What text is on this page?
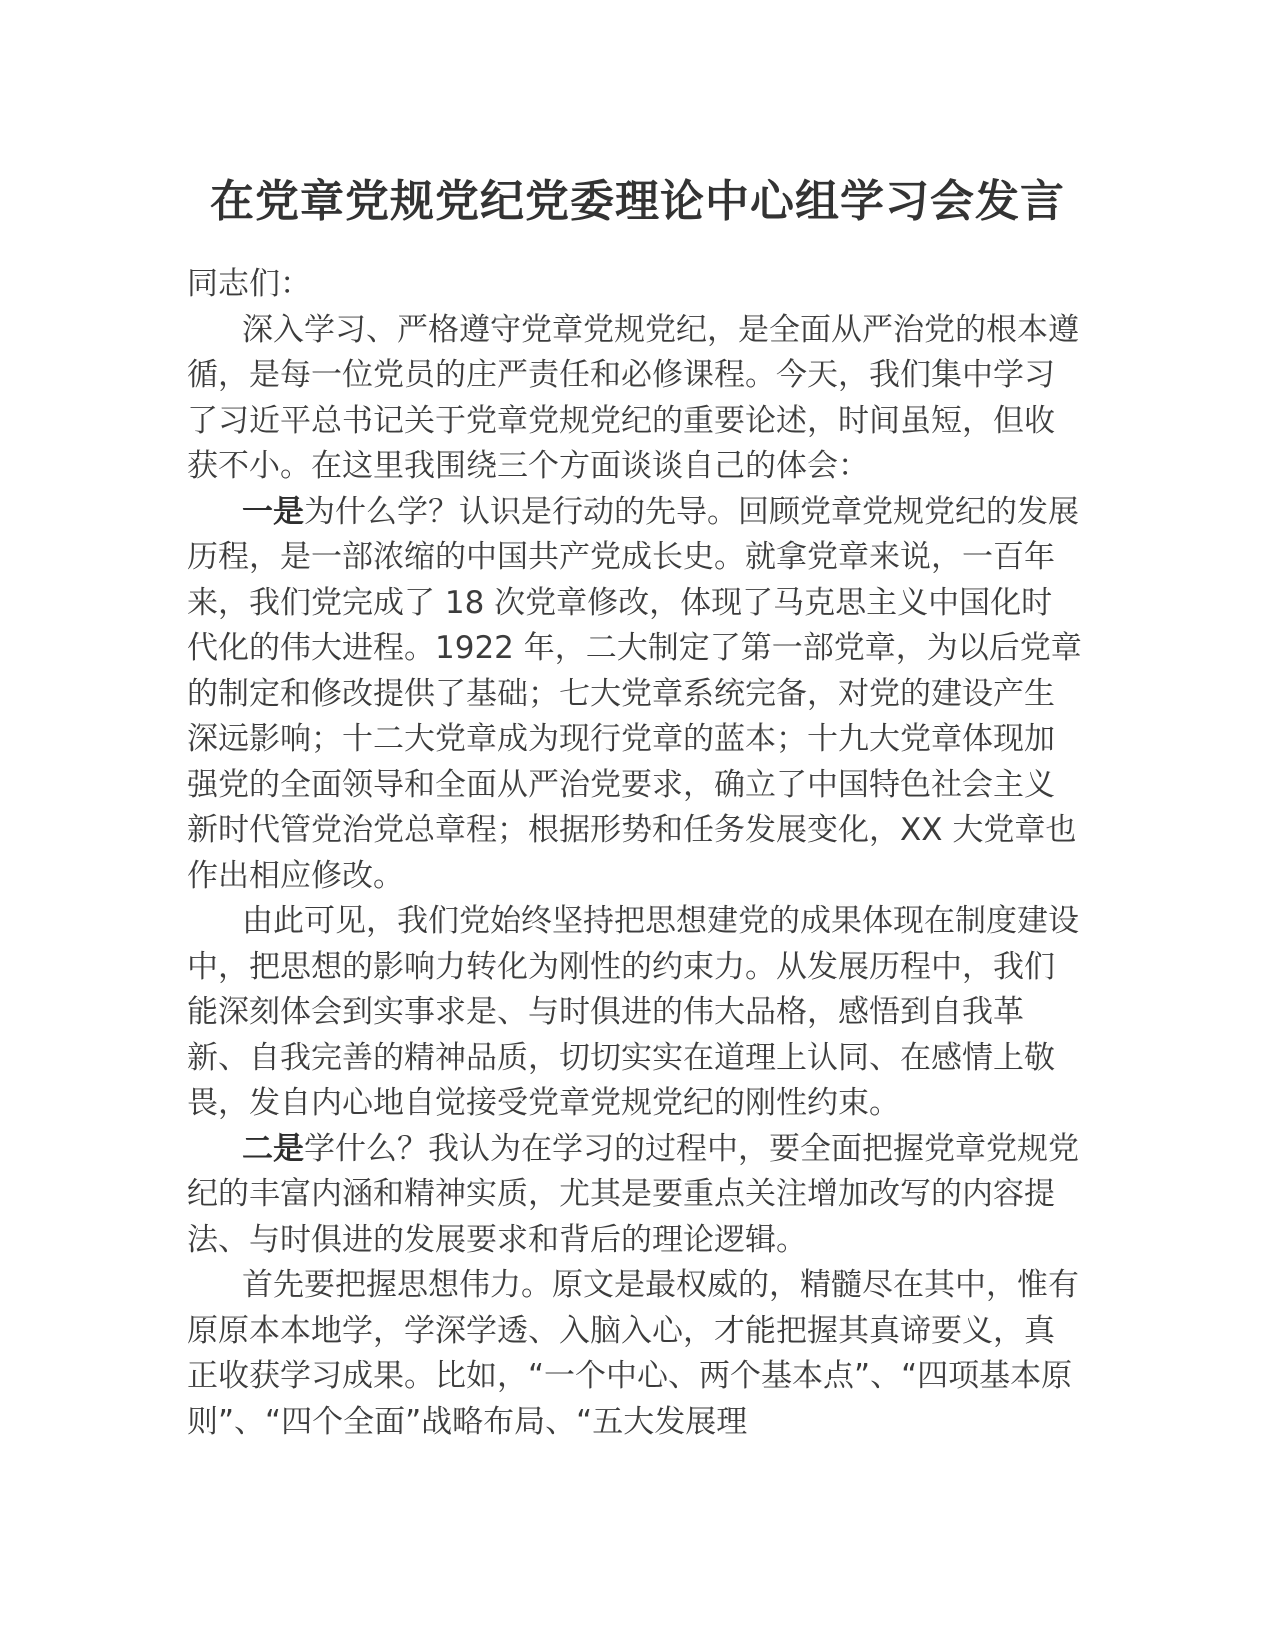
在党章党规党纪党委理论中心组学习会发言

同志们：

深入学习、严格遵守党章党规党纪，是全面从严治党的根本遵循，是每一位党员的庄严责任和必修课程。今天，我们集中学习了习近平总书记关于党章党规党纪的重要论述，时间虽短，但收获不小。在这里我围绕三个方面谈谈自己的体会：

一是为什么学？认识是行动的先导。回顾党章党规党纪的发展历程，是一部浓缩的中国共产党成长史。就拿党章来说，一百年来，我们党完成了 18 次党章修改，体现了马克思主义中国化时代化的伟大进程。1922 年，二大制定了第一部党章，为以后党章的制定和修改提供了基础；七大党章系统完备，对党的建设产生深远影响；十二大党章成为现行党章的蓝本；十九大党章体现加强党的全面领导和全面从严治党要求，确立了中国特色社会主义新时代管党治党总章程；根据形势和任务发展变化，XX 大党章也作出相应修改。

由此可见，我们党始终坚持把思想建党的成果体现在制度建设中，把思想的影响力转化为刚性的约束力。从发展历程中，我们能深刻体会到实事求是、与时俱进的伟大品格，感悟到自我革新、自我完善的精神品质，切切实实在道理上认同、在感情上敬畏，发自内心地自觉接受党章党规党纪的刚性约束。

二是学什么？我认为在学习的过程中，要全面把握党章党规党纪的丰富内涵和精神实质，尤其是要重点关注增加改写的内容提法、与时俱进的发展要求和背后的理论逻辑。

首先要把握思想伟力。原文是最权威的，精髓尽在其中，惟有原原本本地学，学深学透、入脑入心，才能把握其真谛要义，真正收获学习成果。比如，“一个中心、两个基本点”、“四项基本原则”、“四个全面”战略布局、“五大发展理
